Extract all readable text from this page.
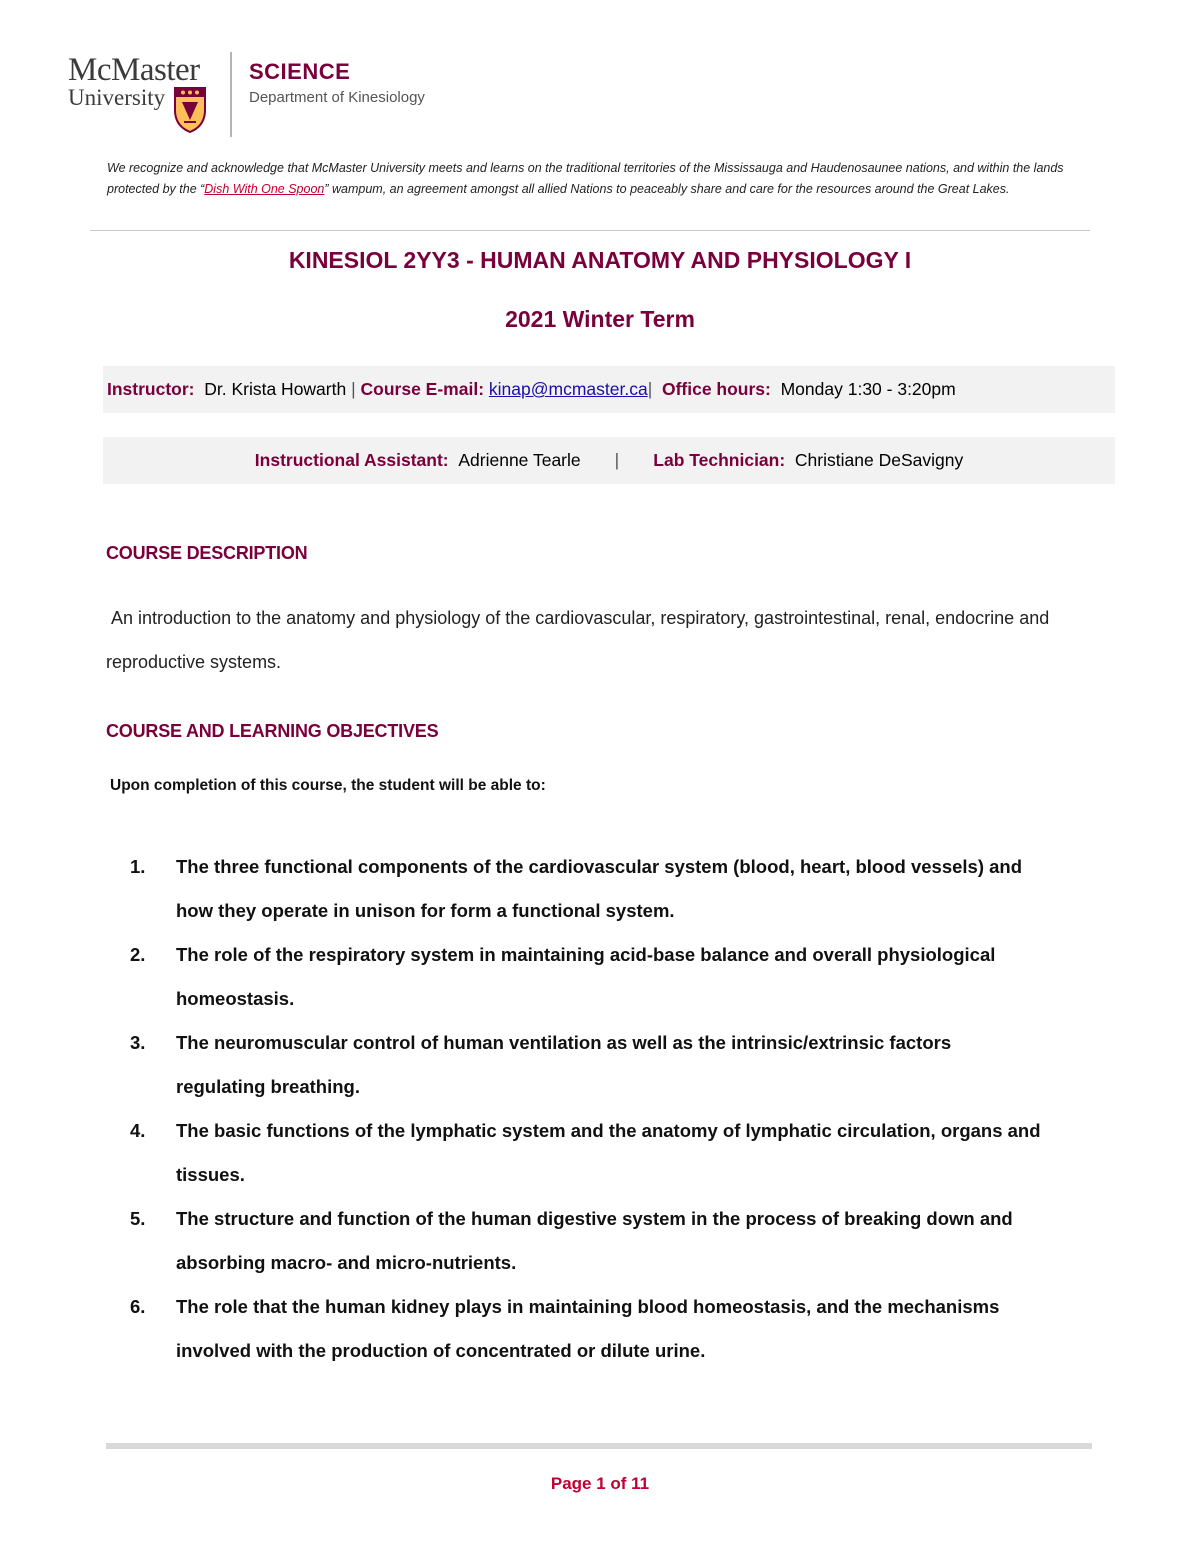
McMaster
University
SCIENCE
Department of Kinesiology
We recognize and acknowledge that McMaster University meets and learns on the traditional territories of the Mississauga and Haudenosaunee nations, and within the lands protected by the “Dish With One Spoon” wampum, an agreement amongst all allied Nations to peaceably share and care for the resources around the Great Lakes.
KINESIOL 2YY3 - HUMAN ANATOMY AND PHYSIOLOGY I
2021 Winter Term
Instructor:
Dr. Krista Howarth
|
Course E-mail:
kinap@mcmaster.ca |
Office hours:
Monday 1:30 - 3:20pm
Instructional Assistant:
Adrienne Tearle
|
Lab Technician:
Christiane DeSavigny
COURSE DESCRIPTION
An introduction to the anatomy and physiology of the cardiovascular, respiratory, gastrointestinal, renal, endocrine and reproductive systems.
COURSE AND LEARNING OBJECTIVES
Upon completion of this course, the student will be able to:
1. The three functional components of the cardiovascular system (blood, heart, blood vessels) and
how they operate in unison for form a functional system.
2. The role of the respiratory system in maintaining acid-base balance and overall physiological
homeostasis.
3. The neuromuscular control of human ventilation as well as the intrinsic/extrinsic factors
regulating breathing.
4. The basic functions of the lymphatic system and the anatomy of lymphatic circulation, organs and
tissues.
5. The structure and function of the human digestive system in the process of breaking down and
absorbing macro- and micro-nutrients.
6. The role that the human kidney plays in maintaining blood homeostasis, and the mechanisms
involved with the production of concentrated or dilute urine.
Page 1 of 11
